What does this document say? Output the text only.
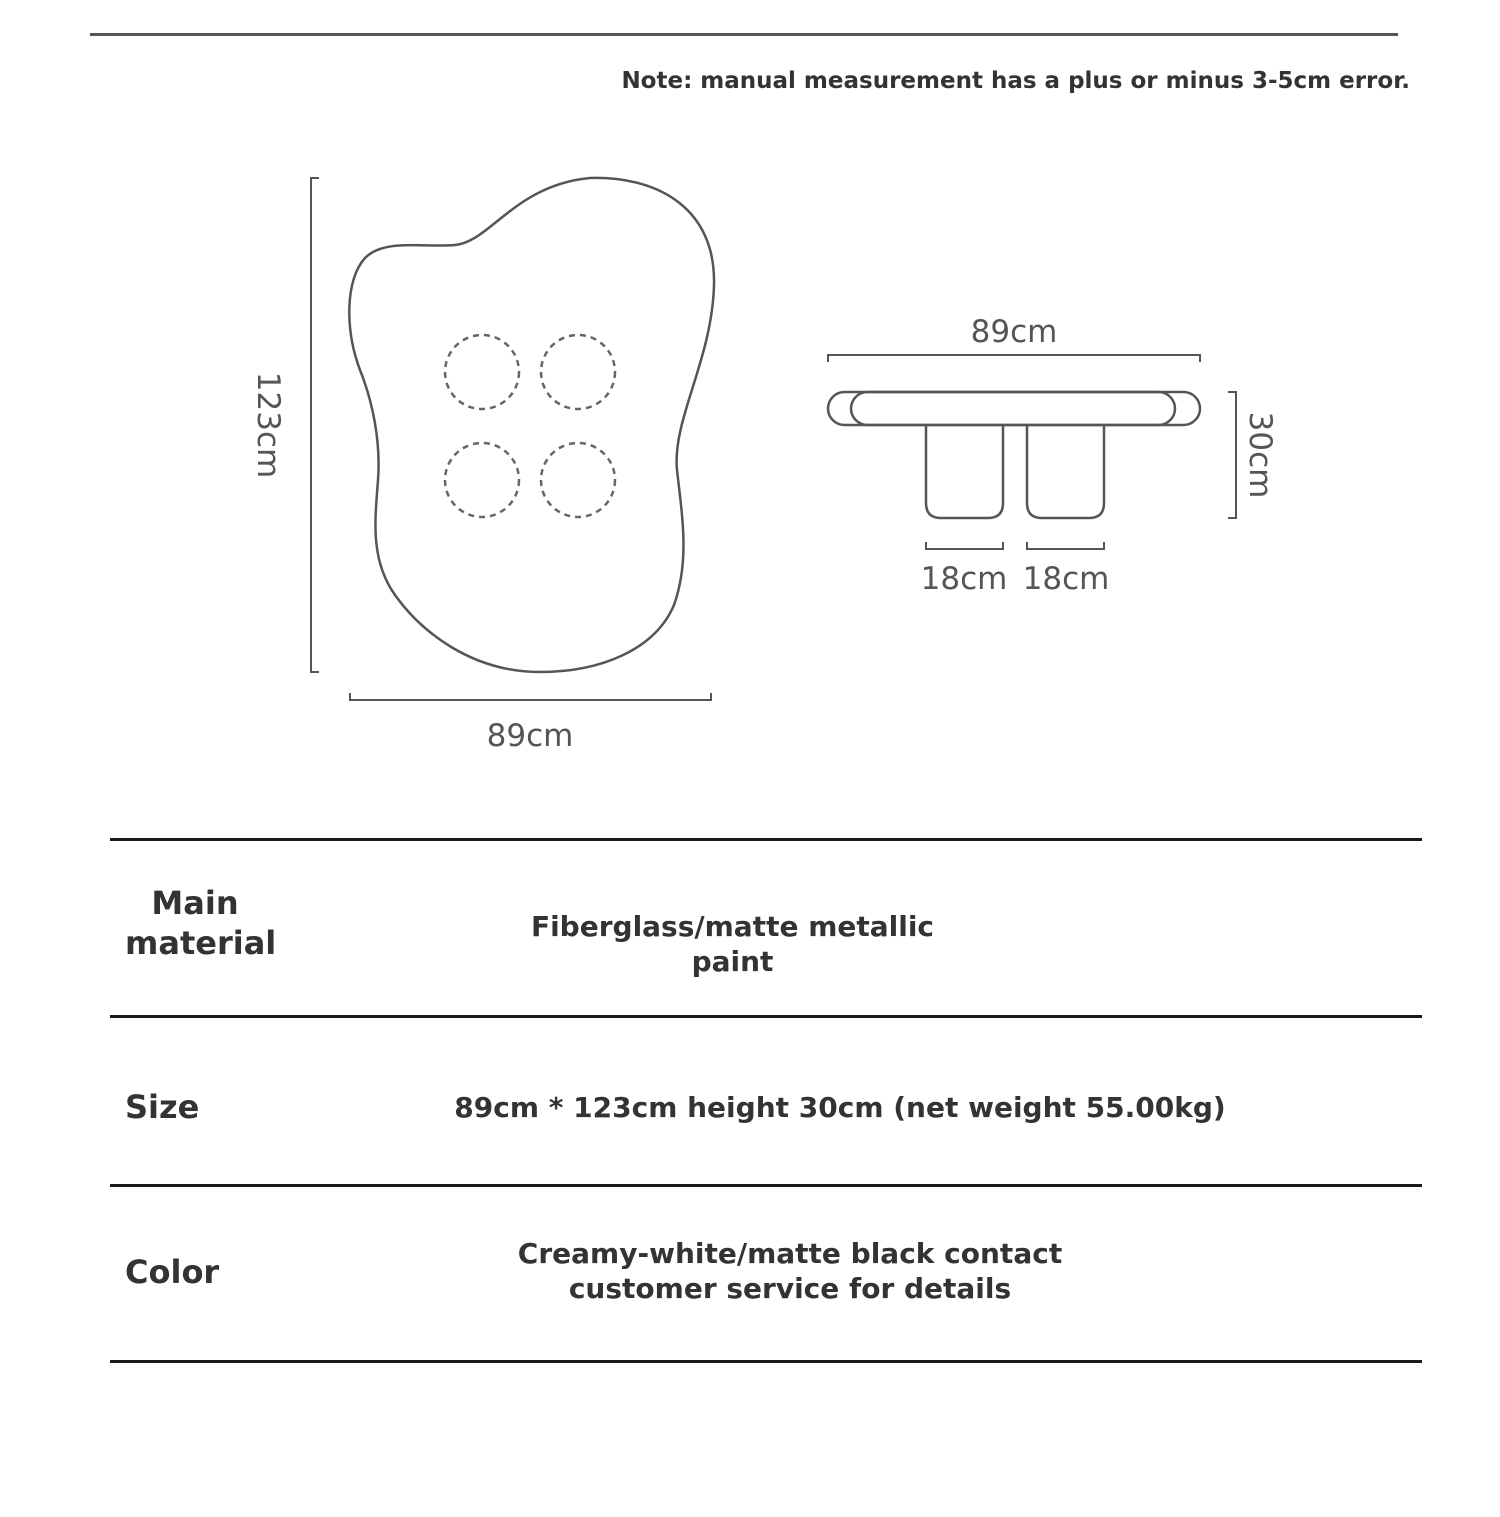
Note: manual measurement has a plus or minus 3-5cm error.
123cm
89cm
89cm
30cm
18cm 18cm
Main
material	Fiberglass/matte metallic paint
Size	89cm * 123cm height 30cm (net weight 55.00kg)
Color	Creamy-white/matte black contact
customer service for details
